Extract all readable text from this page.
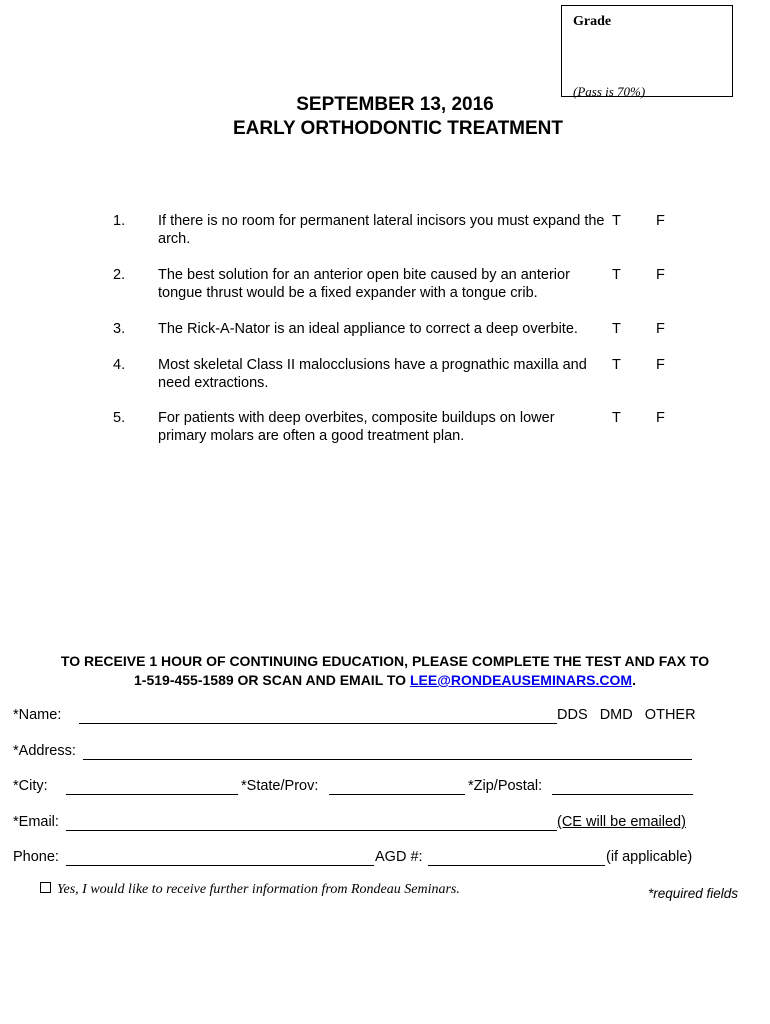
Grade
(Pass is 70%)
SEPTEMBER 13, 2016
EARLY ORTHODONTIC TREATMENT
1. If there is no room for permanent lateral incisors you must expand the arch.
T F
2. The best solution for an anterior open bite caused by an anterior tongue thrust would be a fixed expander with a tongue crib.
T F
3. The Rick-A-Nator is an ideal appliance to correct a deep overbite.	T F
4. Most skeletal Class II malocclusions have a prognathic maxilla and need extractions.
T F
5. For patients with deep overbites, composite buildups on lower primary molars are often a good treatment plan.
T F
TO RECEIVE 1 HOUR OF CONTINUING EDUCATION, PLEASE COMPLETE THE TEST AND FAX TO
1-519-455-1589 OR SCAN AND EMAIL TO LEE@RONDEAUSEMINARS.COM.
*Name:	DDS   DMD   OTHER
*Address:
*City:	*State/Prov:	*Zip/Postal:
*Email:	(CE will be emailed)
Phone:	AGD #:	(if applicable)
Yes, I would like to receive further information from Rondeau Seminars.	*required fields
